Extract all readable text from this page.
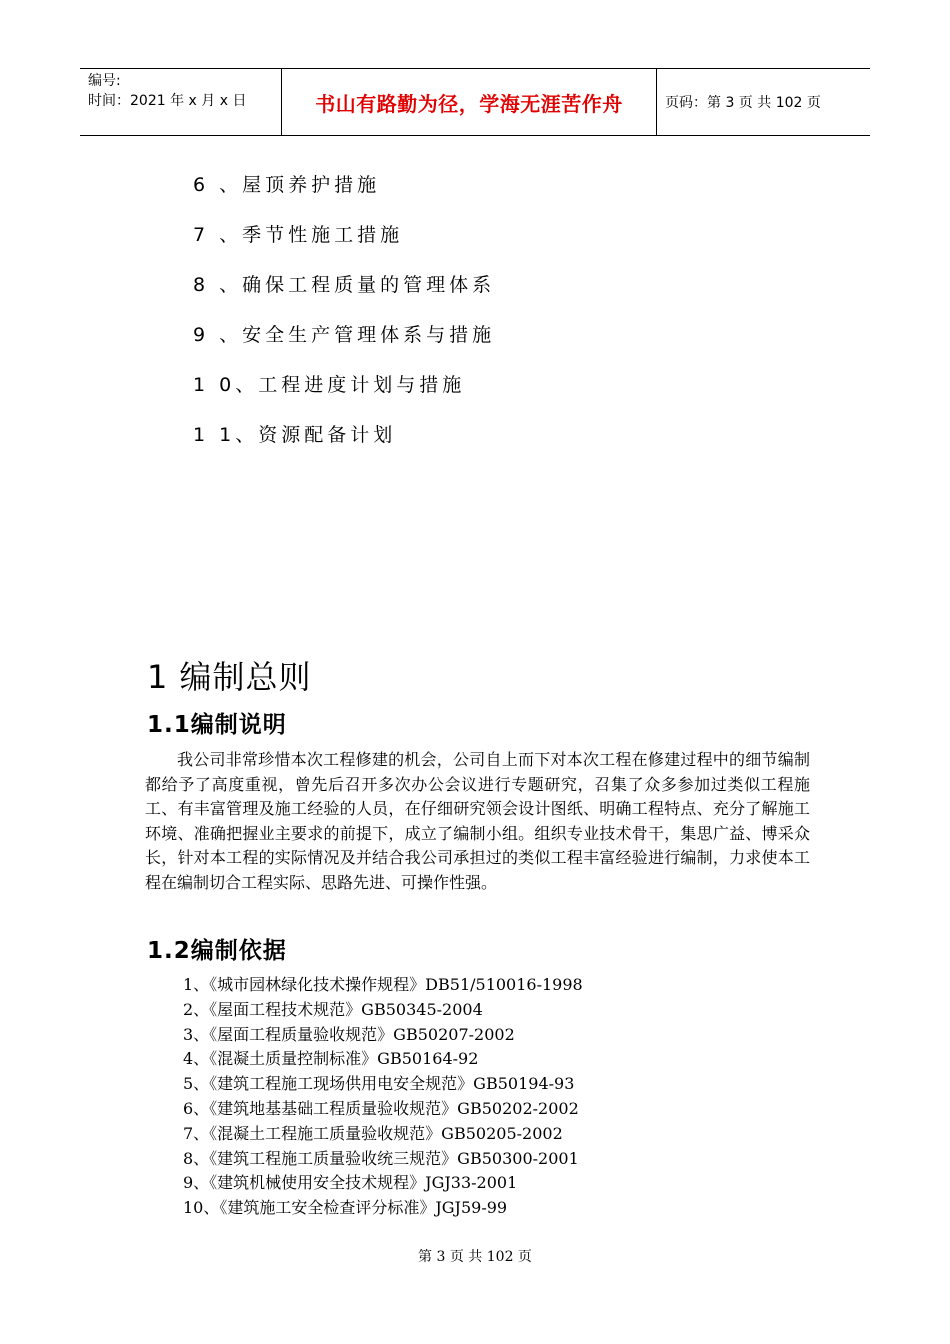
编号:
时间：2021 年 x 月 x 日	书山有路勤为径，学海无涯苦作舟	页码：第 3 页 共 102 页
6 、屋顶养护措施
7 、季节性施工措施
8 、确保工程质量的管理体系
9 、安全生产管理体系与措施
1 0、工程进度计划与措施
1 1、资源配备计划
1 编制总则
1.1编制说明
我公司非常珍惜本次工程修建的机会，公司自上而下对本次工程在修建过程中的细节编制都给予了高度重视，曾先后召开多次办公会议进行专题研究，召集了众多参加过类似工程施工、有丰富管理及施工经验的人员，在仔细研究领会设计图纸、明确工程特点、充分了解施工环境、准确把握业主要求的前提下，成立了编制小组。组织专业技术骨干，集思广益、博采众长，针对本工程的实际情况及并结合我公司承担过的类似工程丰富经验进行编制，力求使本工程在编制切合工程实际、思路先进、可操作性强。
1.2编制依据
1、《城市园林绿化技术操作规程》DB51/510016-1998
2、《屋面工程技术规范》GB50345-2004
3、《屋面工程质量验收规范》GB50207-2002
4、《混凝土质量控制标准》GB50164-92
5、《建筑工程施工现场供用电安全规范》GB50194-93
6、《建筑地基基础工程质量验收规范》GB50202-2002
7、《混凝土工程施工质量验收规范》GB50205-2002
8、《建筑工程施工质量验收统三规范》GB50300-2001
9、《建筑机械使用安全技术规程》JGJ33-2001
10、《建筑施工安全检查评分标准》JGJ59-99
第 3 页 共 102 页
